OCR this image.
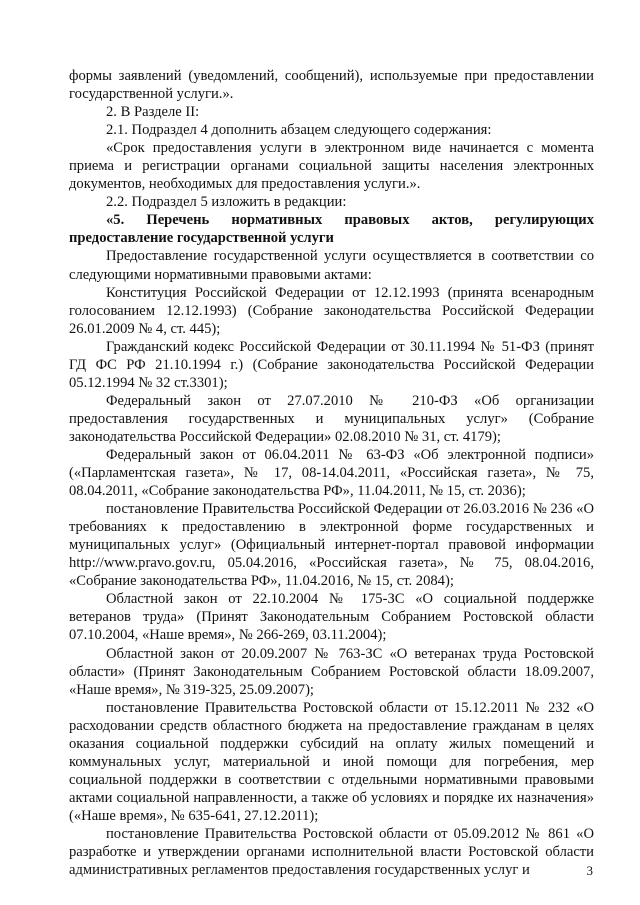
формы заявлений (уведомлений, сообщений), используемые при предоставлении государственной услуги.».

2. В Разделе II:

2.1. Подраздел 4 дополнить абзацем следующего содержания:

«Срок предоставления услуги в электронном виде начинается с момента приема и регистрации органами социальной защиты населения электронных документов, необходимых для предоставления услуги.».

2.2. Подраздел 5 изложить в редакции:

«5. Перечень нормативных правовых актов, регулирующих предоставление государственной услуги

Предоставление государственной услуги осуществляется в соответствии со следующими нормативными правовыми актами:

Конституция Российской Федерации от 12.12.1993 (принята всенародным голосованием 12.12.1993) (Собрание законодательства Российской Федерации 26.01.2009 № 4, ст. 445);

Гражданский кодекс Российской Федерации от 30.11.1994 № 51-ФЗ (принят ГД ФС РФ 21.10.1994 г.) (Собрание законодательства Российской Федерации 05.12.1994 № 32 ст.3301);

Федеральный закон от 27.07.2010 № 210-ФЗ «Об организации предоставления государственных и муниципальных услуг» (Собрание законодательства Российской Федерации» 02.08.2010 № 31, ст. 4179);

Федеральный закон от 06.04.2011 № 63-ФЗ «Об электронной подписи» («Парламентская газета», № 17, 08-14.04.2011, «Российская газета», № 75, 08.04.2011, «Собрание законодательства РФ», 11.04.2011, № 15, ст. 2036);

постановление Правительства Российской Федерации от 26.03.2016 № 236 «О требованиях к предоставлению в электронной форме государственных и муниципальных услуг» (Официальный интернет-портал правовой информации http://www.pravo.gov.ru, 05.04.2016, «Российская газета», № 75, 08.04.2016, «Собрание законодательства РФ», 11.04.2016, № 15, ст. 2084);

Областной закон от 22.10.2004 № 175-ЗС «О социальной поддержке ветеранов труда» (Принят Законодательным Собранием Ростовской области 07.10.2004, «Наше время», № 266-269, 03.11.2004);

Областной закон от 20.09.2007 № 763-ЗС «О ветеранах труда Ростовской области» (Принят Законодательным Собранием Ростовской области 18.09.2007, «Наше время», № 319-325, 25.09.2007);

постановление Правительства Ростовской области от 15.12.2011 № 232 «О расходовании средств областного бюджета на предоставление гражданам в целях оказания социальной поддержки субсидий на оплату жилых помещений и коммунальных услуг, материальной и иной помощи для погребения, мер социальной поддержки в соответствии с отдельными нормативными правовыми актами социальной направленности, а также об условиях и порядке их назначения» («Наше время», № 635-641, 27.12.2011);

постановление Правительства Ростовской области от 05.09.2012 № 861 «О разработке и утверждении органами исполнительной власти Ростовской области административных регламентов предоставления государственных услуг и	3
